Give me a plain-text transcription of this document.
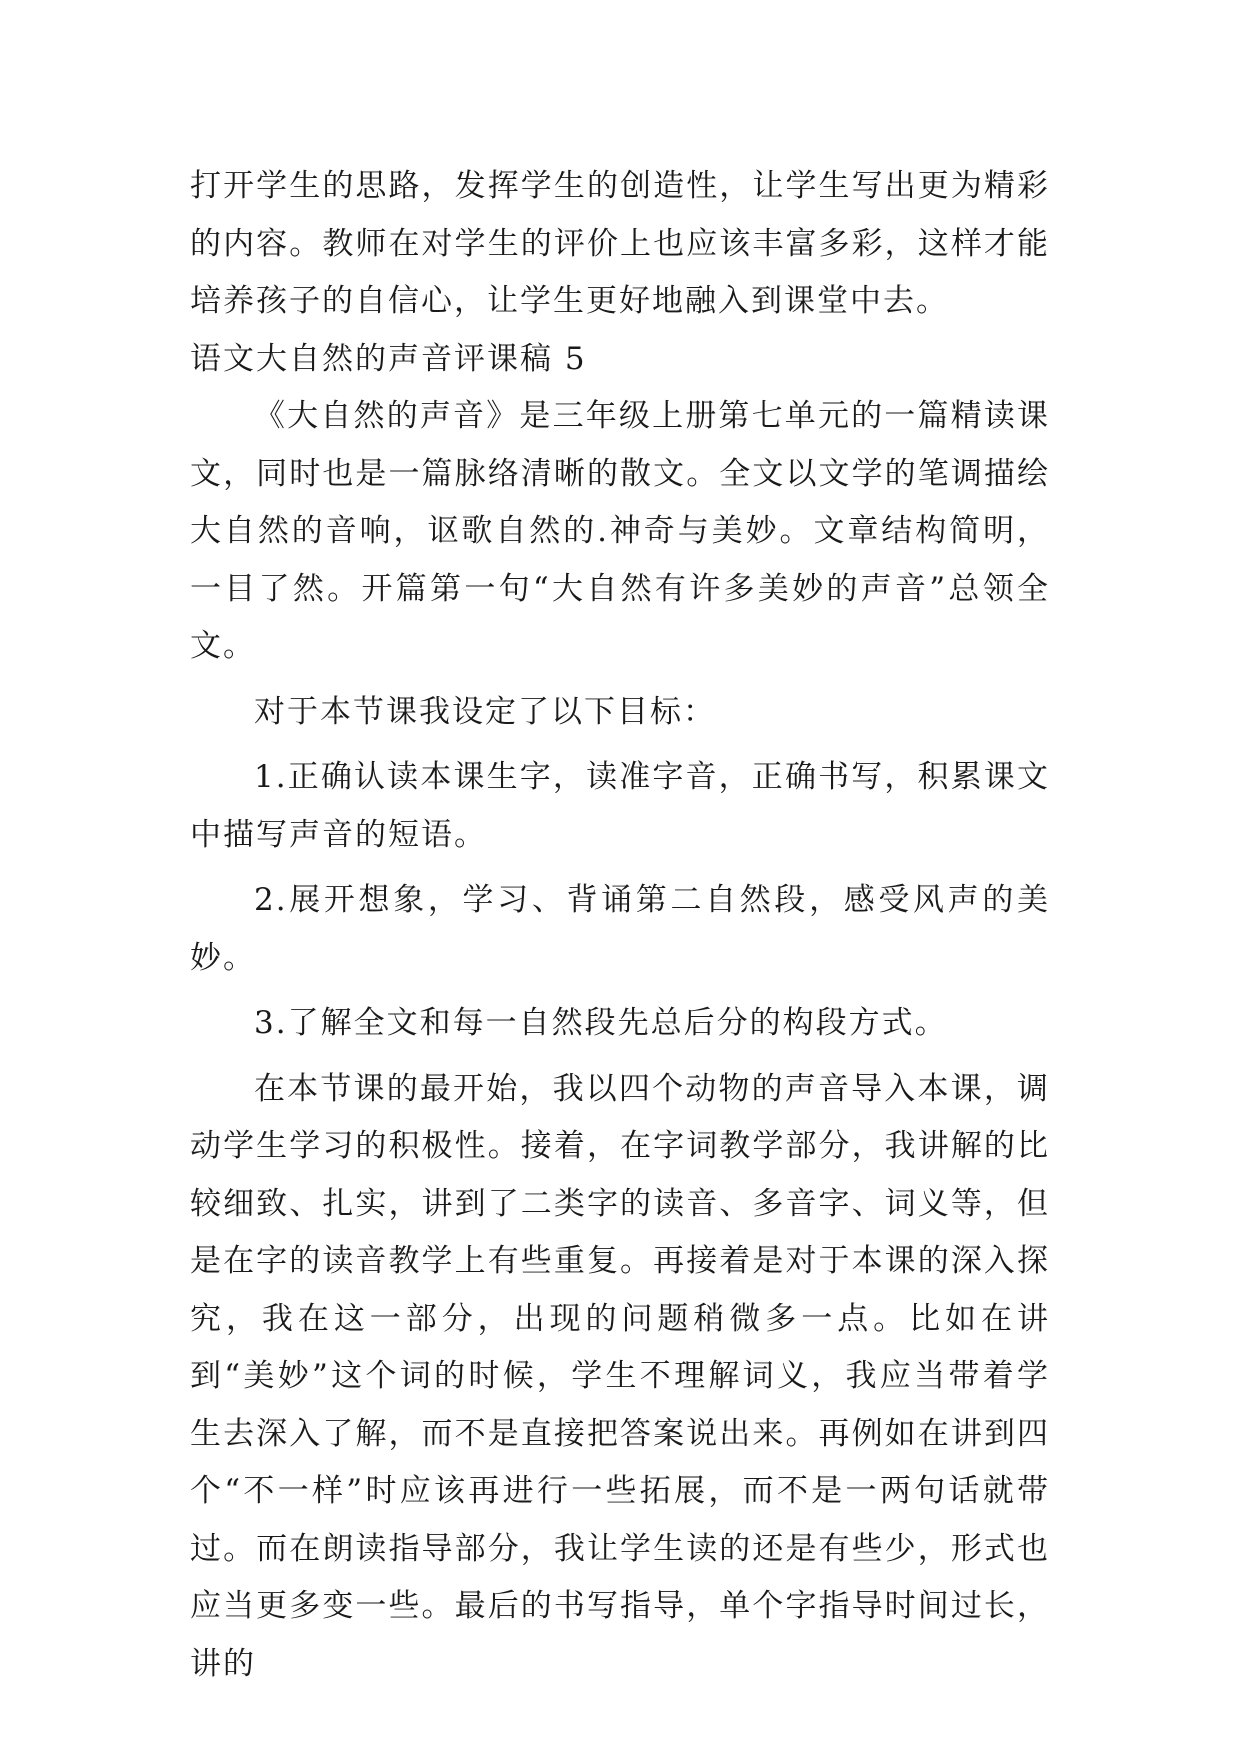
打开学生的思路，发挥学生的创造性，让学生写出更为精彩的内容。教师在对学生的评价上也应该丰富多彩，这样才能培养孩子的自信心，让学生更好地融入到课堂中去。

语文大自然的声音评课稿 5

《大自然的声音》是三年级上册第七单元的一篇精读课文，同时也是一篇脉络清晰的散文。全文以文学的笔调描绘大自然的音响，讴歌自然的.神奇与美妙。文章结构简明，一目了然。开篇第一句“大自然有许多美妙的声音”总领全文。

对于本节课我设定了以下目标：

1.正确认读本课生字，读准字音，正确书写，积累课文中描写声音的短语。

2.展开想象，学习、背诵第二自然段，感受风声的美妙。

3.了解全文和每一自然段先总后分的构段方式。

在本节课的最开始，我以四个动物的声音导入本课，调动学生学习的积极性。接着，在字词教学部分，我讲解的比较细致、扎实，讲到了二类字的读音、多音字、词义等，但是在字的读音教学上有些重复。再接着是对于本课的深入探究，我在这一部分，出现的问题稍微多一点。比如在讲到“美妙”这个词的时候，学生不理解词义，我应当带着学生去深入了解，而不是直接把答案说出来。再例如在讲到四个“不一样”时应该再进行一些拓展，而不是一两句话就带过。而在朗读指导部分，我让学生读的还是有些少，形式也应当更多变一些。最后的书写指导，单个字指导时间过长，讲的
